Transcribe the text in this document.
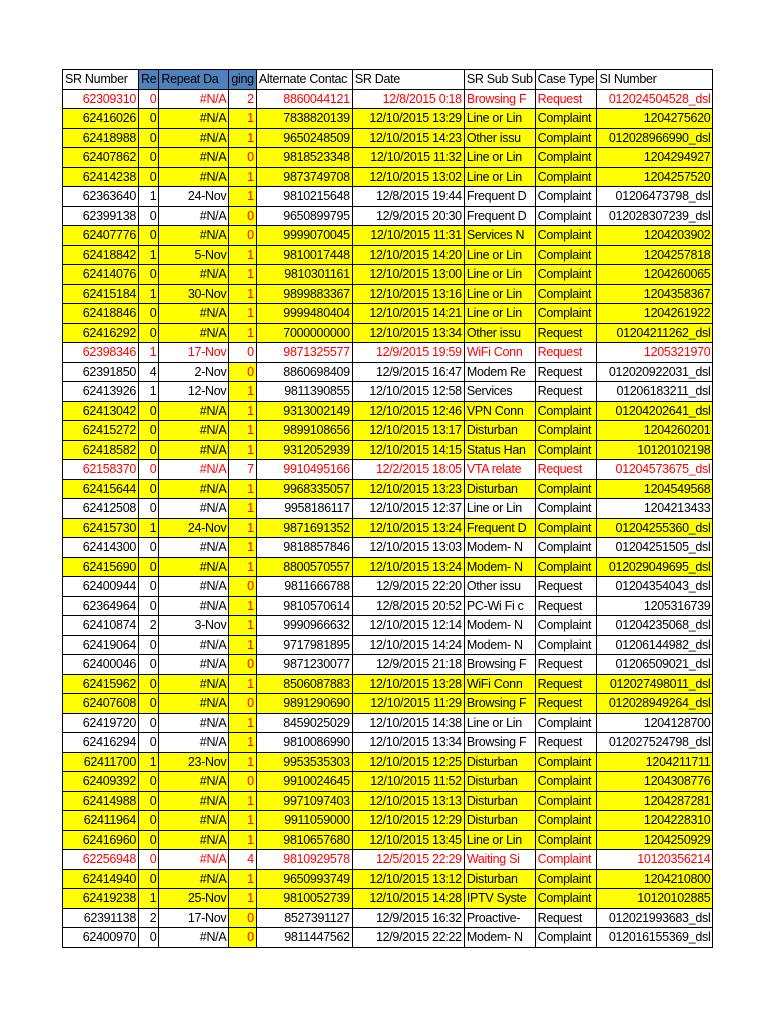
SR Number	Re	Repeat Da	ging	Alternate Contac	SR Date	SR Sub Sub	Case Type	SI Number
62309310	0	#N/A	2	8860044121	12/8/2015 0:18	Browsing F	Request	012024504528_dsl
62416026	0	#N/A	1	7838820139	12/10/2015 13:29	Line or Lin	Complaint	1204275620
62418988	0	#N/A	1	9650248509	12/10/2015 14:23	Other issu	Complaint	012028966990_dsl
62407862	0	#N/A	0	9818523348	12/10/2015 11:32	Line or Lin	Complaint	1204294927
62414238	0	#N/A	1	9873749708	12/10/2015 13:02	Line or Lin	Complaint	1204257520
62363640	1	24-Nov	1	9810215648	12/8/2015 19:44	Frequent D	Complaint	01206473798_dsl
62399138	0	#N/A	0	9650899795	12/9/2015 20:30	Frequent D	Complaint	012028307239_dsl
62407776	0	#N/A	0	9999070045	12/10/2015 11:31	Services N	Complaint	1204203902
62418842	1	5-Nov	1	9810017448	12/10/2015 14:20	Line or Lin	Complaint	1204257818
62414076	0	#N/A	1	9810301161	12/10/2015 13:00	Line or Lin	Complaint	1204260065
62415184	1	30-Nov	1	9899883367	12/10/2015 13:16	Line or Lin	Complaint	1204358367
62418846	0	#N/A	1	9999480404	12/10/2015 14:21	Line or Lin	Complaint	1204261922
62416292	0	#N/A	1	7000000000	12/10/2015 13:34	Other issu	Request	01204211262_dsl
62398346	1	17-Nov	0	9871325577	12/9/2015 19:59	WiFi Conn	Request	1205321970
62391850	4	2-Nov	0	8860698409	12/9/2015 16:47	Modem Re	Request	012020922031_dsl
62413926	1	12-Nov	1	9811390855	12/10/2015 12:58	Services	Request	01206183211_dsl
62413042	0	#N/A	1	9313002149	12/10/2015 12:46	VPN Conn	Complaint	01204202641_dsl
62415272	0	#N/A	1	9899108656	12/10/2015 13:17	Disturban	Complaint	1204260201
62418582	0	#N/A	1	9312052939	12/10/2015 14:15	Status Han	Complaint	10120102198
62158370	0	#N/A	7	9910495166	12/2/2015 18:05	VTA relate	Request	01204573675_dsl
62415644	0	#N/A	1	9968335057	12/10/2015 13:23	Disturban	Complaint	1204549568
62412508	0	#N/A	1	9958186117	12/10/2015 12:37	Line or Lin	Complaint	1204213433
62415730	1	24-Nov	1	9871691352	12/10/2015 13:24	Frequent D	Complaint	01204255360_dsl
62414300	0	#N/A	1	9818857846	12/10/2015 13:03	Modem- N	Complaint	01204251505_dsl
62415690	0	#N/A	1	8800570557	12/10/2015 13:24	Modem- N	Complaint	012029049695_dsl
62400944	0	#N/A	0	9811666788	12/9/2015 22:20	Other issu	Request	01204354043_dsl
62364964	0	#N/A	1	9810570614	12/8/2015 20:52	PC-Wi Fi c	Request	1205316739
62410874	2	3-Nov	1	9990966632	12/10/2015 12:14	Modem- N	Complaint	01204235068_dsl
62419064	0	#N/A	1	9717981895	12/10/2015 14:24	Modem- N	Complaint	01206144982_dsl
62400046	0	#N/A	0	9871230077	12/9/2015 21:18	Browsing F	Request	01206509021_dsl
62415962	0	#N/A	1	8506087883	12/10/2015 13:28	WiFi Conn	Request	012027498011_dsl
62407608	0	#N/A	0	9891290690	12/10/2015 11:29	Browsing F	Request	012028949264_dsl
62419720	0	#N/A	1	8459025029	12/10/2015 14:38	Line or Lin	Complaint	1204128700
62416294	0	#N/A	1	9810086990	12/10/2015 13:34	Browsing F	Request	012027524798_dsl
62411700	1	23-Nov	1	9953535303	12/10/2015 12:25	Disturban	Complaint	1204211711
62409392	0	#N/A	0	9910024645	12/10/2015 11:52	Disturban	Complaint	1204308776
62414988	0	#N/A	1	9971097403	12/10/2015 13:13	Disturban	Complaint	1204287281
62411964	0	#N/A	1	9911059000	12/10/2015 12:29	Disturban	Complaint	1204228310
62416960	0	#N/A	1	9810657680	12/10/2015 13:45	Line or Lin	Complaint	1204250929
62256948	0	#N/A	4	9810929578	12/5/2015 22:29	Waiting Si	Complaint	10120356214
62414940	0	#N/A	1	9650993749	12/10/2015 13:12	Disturban	Complaint	1204210800
62419238	1	25-Nov	1	9810052739	12/10/2015 14:28	IPTV Syste	Complaint	10120102885
62391138	2	17-Nov	0	8527391127	12/9/2015 16:32	Proactive-	Request	012021993683_dsl
62400970	0	#N/A	0	9811447562	12/9/2015 22:22	Modem- N	Complaint	012016155369_dsl
